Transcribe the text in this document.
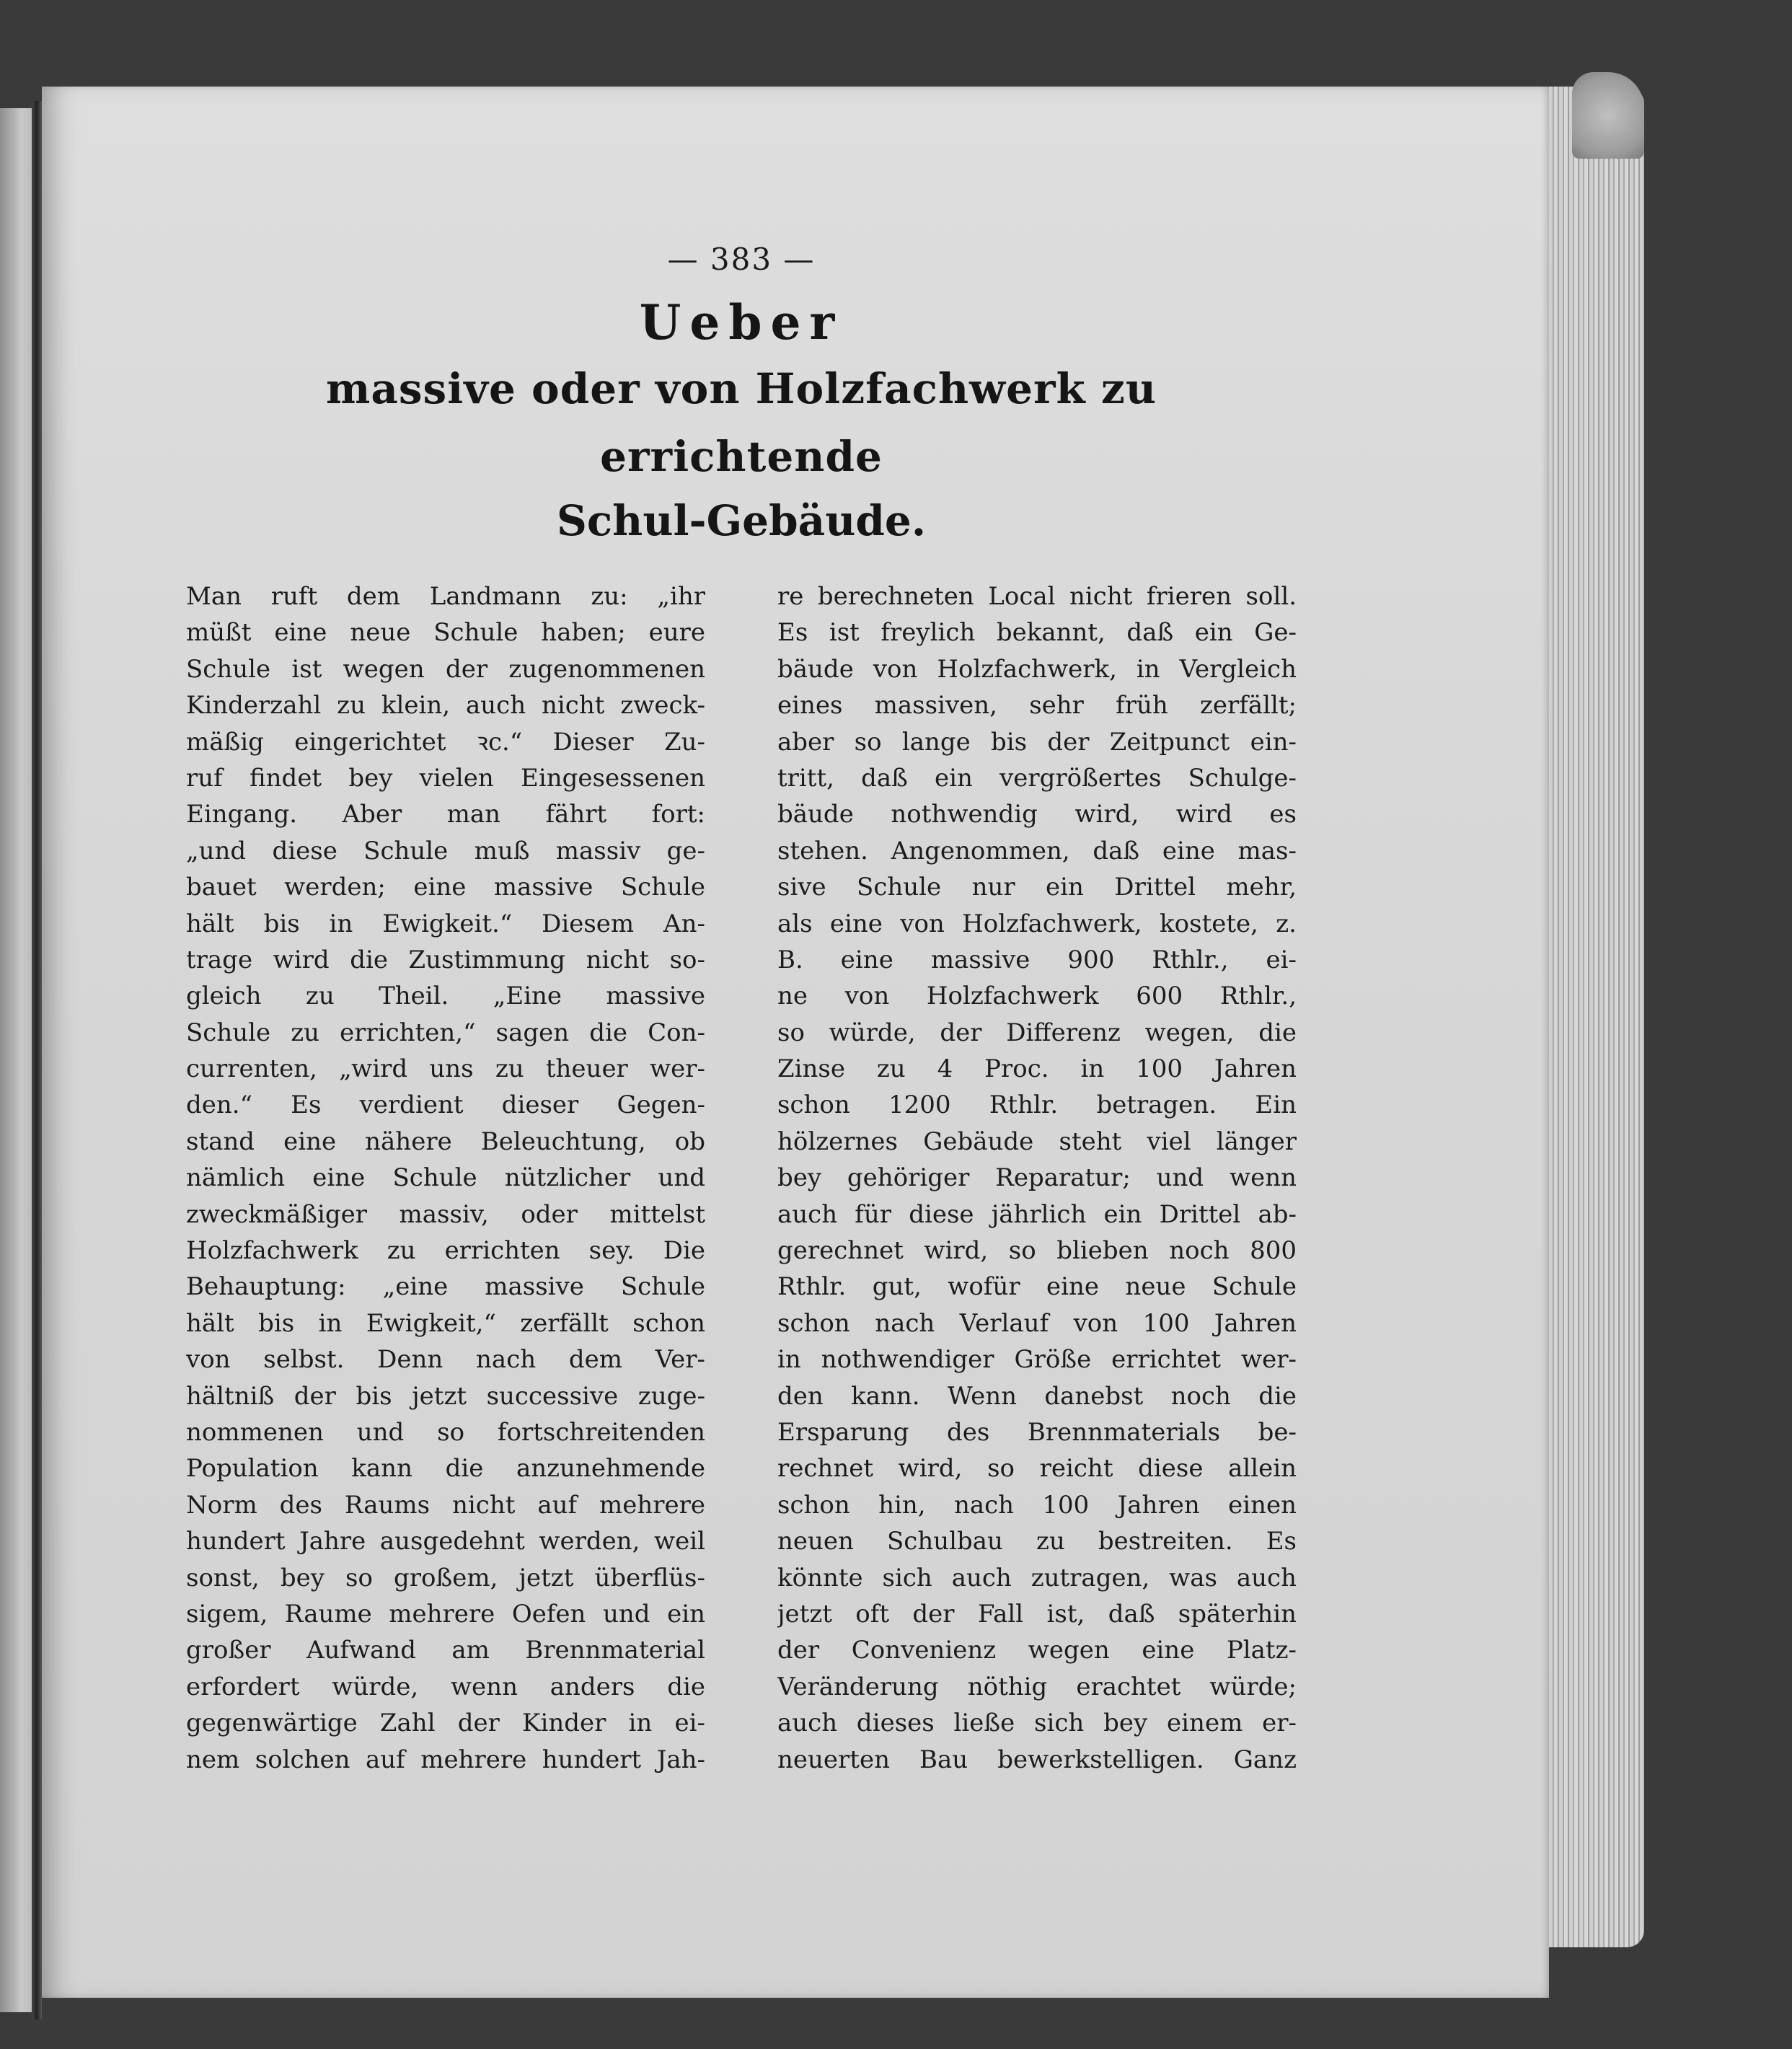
— 383 —
Ueber
massive oder von Holzfachwerk zu errichtende
Schul-Gebäude.
Man ruft dem Landmann zu: „ihr
müßt eine neue Schule haben; eure
Schule ist wegen der zugenommenen
Kinderzahl zu klein, auch nicht zweck-
mäßig eingerichtet ꝛc.“ Dieser Zu-
ruf findet bey vielen Eingesessenen
Eingang. Aber man fährt fort:
„und diese Schule muß massiv ge-
bauet werden; eine massive Schule
hält bis in Ewigkeit.“ Diesem An-
trage wird die Zustimmung nicht so-
gleich zu Theil. „Eine massive
Schule zu errichten,“ sagen die Con-
currenten, „wird uns zu theuer wer-
den.“ Es verdient dieser Gegen-
stand eine nähere Beleuchtung, ob
nämlich eine Schule nützlicher und
zweckmäßiger massiv, oder mittelst
Holzfachwerk zu errichten sey. Die
Behauptung: „eine massive Schule
hält bis in Ewigkeit,“ zerfällt schon
von selbst. Denn nach dem Ver-
hältniß der bis jetzt successive zuge-
nommenen und so fortschreitenden
Population kann die anzunehmende
Norm des Raums nicht auf mehrere
hundert Jahre ausgedehnt werden, weil
sonst, bey so großem, jetzt überflüs-
sigem, Raume mehrere Oefen und ein
großer Aufwand am Brennmaterial
erfordert würde, wenn anders die
gegenwärtige Zahl der Kinder in ei-
nem solchen auf mehrere hundert Jah-
re berechneten Local nicht frieren soll.
Es ist freylich bekannt, daß ein Ge-
bäude von Holzfachwerk, in Vergleich
eines massiven, sehr früh zerfällt;
aber so lange bis der Zeitpunct ein-
tritt, daß ein vergrößertes Schulge-
bäude nothwendig wird, wird es
stehen. Angenommen, daß eine mas-
sive Schule nur ein Drittel mehr,
als eine von Holzfachwerk, kostete, z.
B. eine massive 900 Rthlr., ei-
ne von Holzfachwerk 600 Rthlr.,
so würde, der Differenz wegen, die
Zinse zu 4 Proc. in 100 Jahren
schon 1200 Rthlr. betragen. Ein
hölzernes Gebäude steht viel länger
bey gehöriger Reparatur; und wenn
auch für diese jährlich ein Drittel ab-
gerechnet wird, so blieben noch 800
Rthlr. gut, wofür eine neue Schule
schon nach Verlauf von 100 Jahren
in nothwendiger Größe errichtet wer-
den kann. Wenn danebst noch die
Ersparung des Brennmaterials be-
rechnet wird, so reicht diese allein
schon hin, nach 100 Jahren einen
neuen Schulbau zu bestreiten. Es
könnte sich auch zutragen, was auch
jetzt oft der Fall ist, daß späterhin
der Convenienz wegen eine Platz-
Veränderung nöthig erachtet würde;
auch dieses ließe sich bey einem er-
neuerten Bau bewerkstelligen. Ganz
